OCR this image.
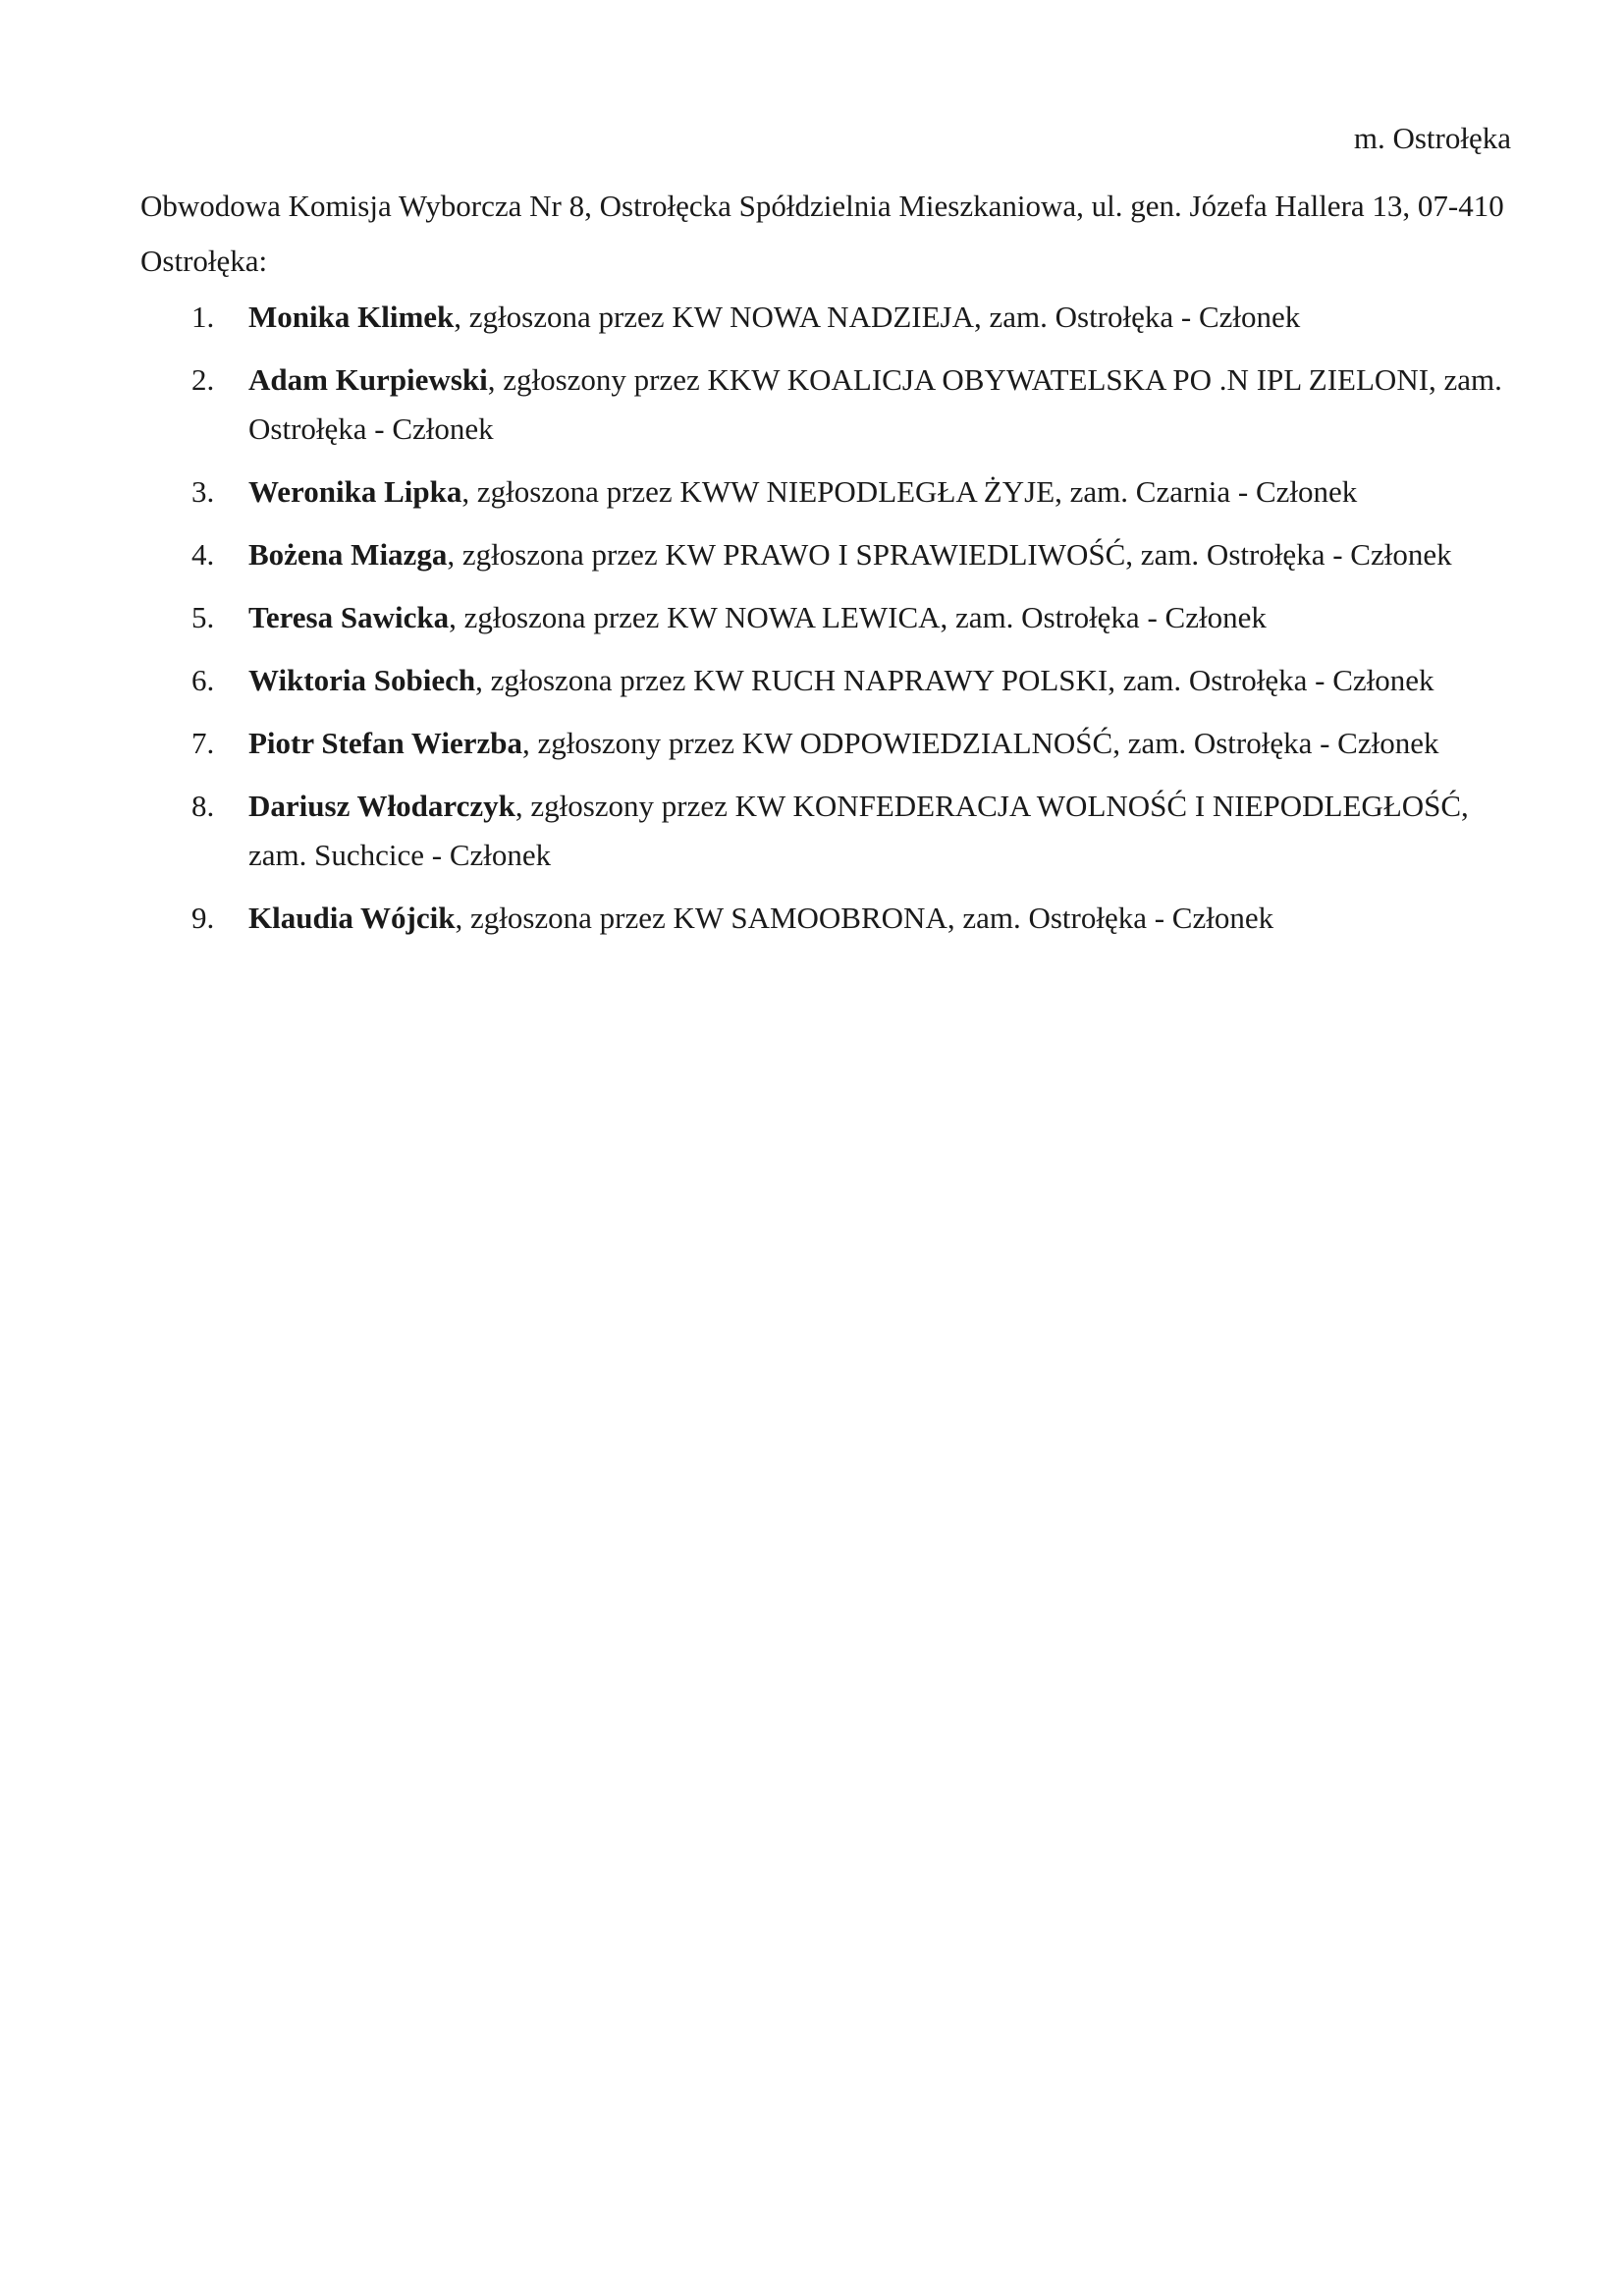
m. Ostrołęka
Obwodowa Komisja Wyborcza Nr 8, Ostrołęcka Spółdzielnia Mieszkaniowa, ul. gen. Józefa Hallera 13, 07-410 Ostrołęka:
1. Monika Klimek, zgłoszona przez KW NOWA NADZIEJA, zam. Ostrołęka - Członek
2. Adam Kurpiewski, zgłoszony przez KKW KOALICJA OBYWATELSKA PO .N IPL ZIELONI, zam. Ostrołęka - Członek
3. Weronika Lipka, zgłoszona przez KWW NIEPODLEGŁA ŻYJE, zam. Czarnia - Członek
4. Bożena Miazga, zgłoszona przez KW PRAWO I SPRAWIEDLIWOŚĆ, zam. Ostrołęka - Członek
5. Teresa Sawicka, zgłoszona przez KW NOWA LEWICA, zam. Ostrołęka - Członek
6. Wiktoria Sobiech, zgłoszona przez KW RUCH NAPRAWY POLSKI, zam. Ostrołęka - Członek
7. Piotr Stefan Wierzba, zgłoszony przez KW ODPOWIEDZIALNOŚĆ, zam. Ostrołęka - Członek
8. Dariusz Włodarczyk, zgłoszony przez KW KONFEDERACJA WOLNOŚĆ I NIEPODLEGŁOŚĆ, zam. Suchcice - Członek
9. Klaudia Wójcik, zgłoszona przez KW SAMOOBRONA, zam. Ostrołęka - Członek
